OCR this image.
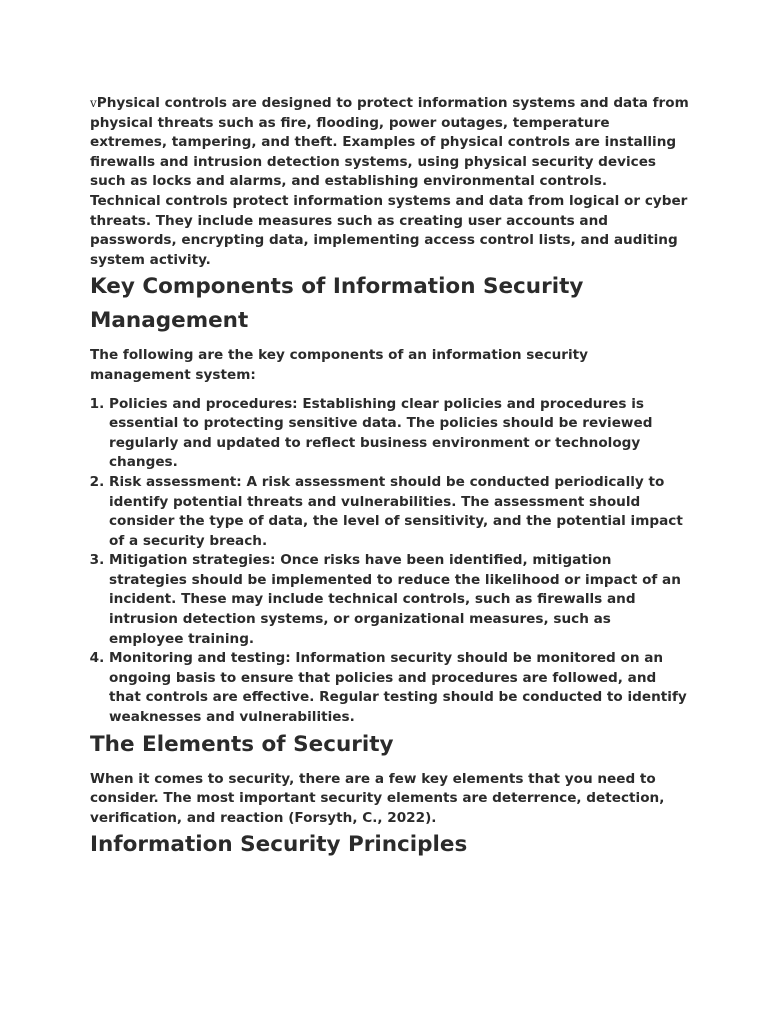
vPhysical controls are designed to protect information systems and data from physical threats such as fire, flooding, power outages, temperature extremes, tampering, and theft. Examples of physical controls are installing firewalls and intrusion detection systems, using physical security devices such as locks and alarms, and establishing environmental controls.

Technical controls protect information systems and data from logical or cyber threats. They include measures such as creating user accounts and passwords, encrypting data, implementing access control lists, and auditing system activity.

Key Components of Information Security Management

The following are the key components of an information security management system:

1. Policies and procedures: Establishing clear policies and procedures is essential to protecting sensitive data. The policies should be reviewed regularly and updated to reflect business environment or technology changes.
2. Risk assessment: A risk assessment should be conducted periodically to identify potential threats and vulnerabilities. The assessment should consider the type of data, the level of sensitivity, and the potential impact of a security breach.
3. Mitigation strategies: Once risks have been identified, mitigation strategies should be implemented to reduce the likelihood or impact of an incident. These may include technical controls, such as firewalls and intrusion detection systems, or organizational measures, such as employee training.
4. Monitoring and testing: Information security should be monitored on an ongoing basis to ensure that policies and procedures are followed, and that controls are effective. Regular testing should be conducted to identify weaknesses and vulnerabilities.
The Elements of Security

When it comes to security, there are a few key elements that you need to consider. The most important security elements are deterrence, detection, verification, and reaction (Forsyth, C., 2022).

Information Security Principles
